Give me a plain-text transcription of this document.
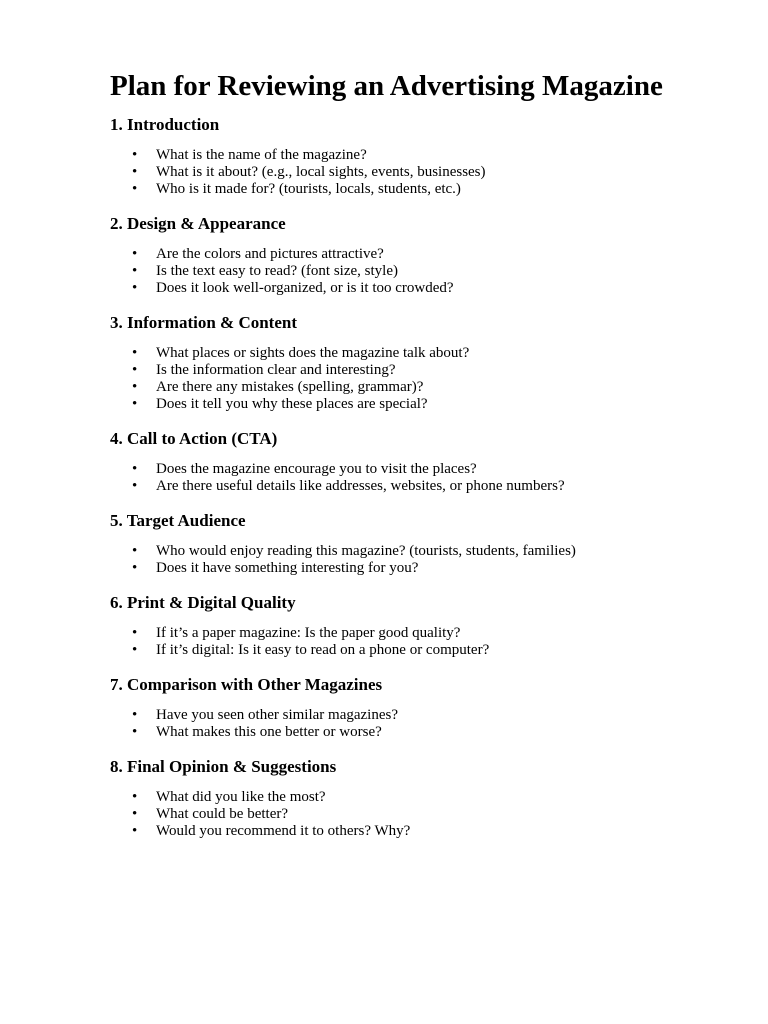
Plan for Reviewing an Advertising Magazine
1. Introduction
• What is the name of the magazine?
• What is it about? (e.g., local sights, events, businesses)
• Who is it made for? (tourists, locals, students, etc.)
2. Design & Appearance
• Are the colors and pictures attractive?
• Is the text easy to read? (font size, style)
• Does it look well-organized, or is it too crowded?
3. Information & Content
• What places or sights does the magazine talk about?
• Is the information clear and interesting?
• Are there any mistakes (spelling, grammar)?
• Does it tell you why these places are special?
4. Call to Action (CTA)
• Does the magazine encourage you to visit the places?
• Are there useful details like addresses, websites, or phone numbers?
5. Target Audience
• Who would enjoy reading this magazine? (tourists, students, families)
• Does it have something interesting for you?
6. Print & Digital Quality
• If it’s a paper magazine: Is the paper good quality?
• If it’s digital: Is it easy to read on a phone or computer?
7. Comparison with Other Magazines
• Have you seen other similar magazines?
• What makes this one better or worse?
8. Final Opinion & Suggestions
• What did you like the most?
• What could be better?
• Would you recommend it to others? Why?
